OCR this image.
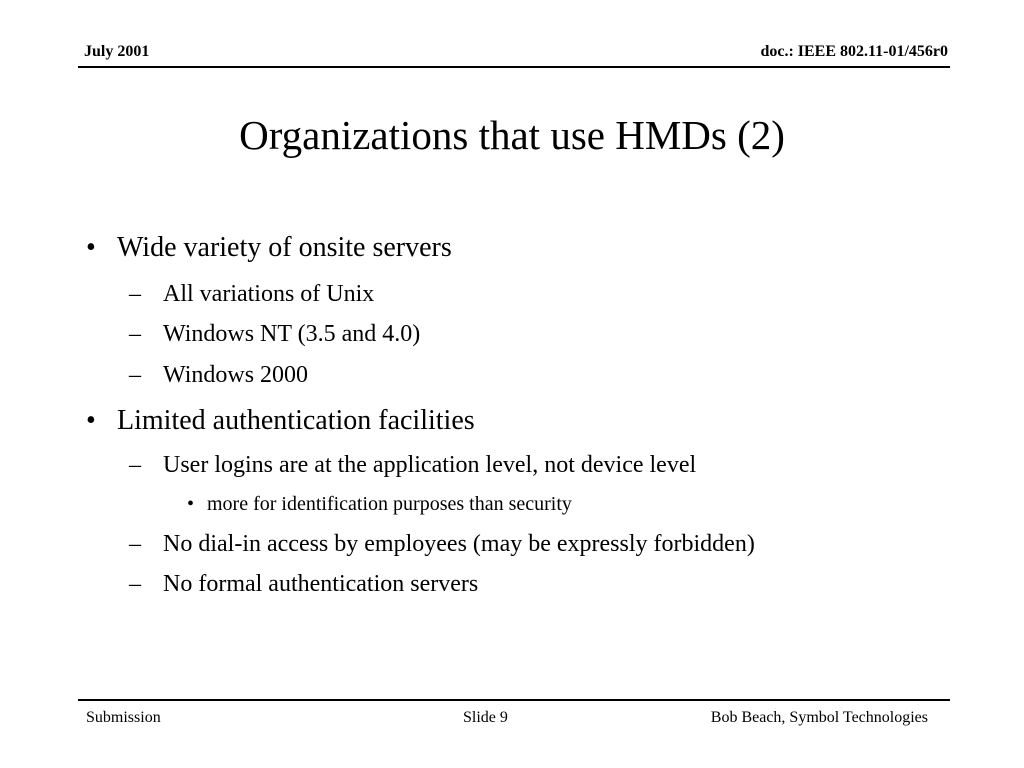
July 2001	doc.: IEEE 802.11-01/456r0
Organizations that use HMDs (2)
• Wide variety of onsite servers
– All variations of Unix
– Windows NT (3.5 and 4.0)
– Windows 2000
• Limited authentication facilities
– User logins are at the application level, not device level
• more for identification purposes than security
– No dial-in access by employees (may be expressly forbidden)
– No formal authentication servers
Submission	Slide 9	Bob Beach, Symbol Technologies
